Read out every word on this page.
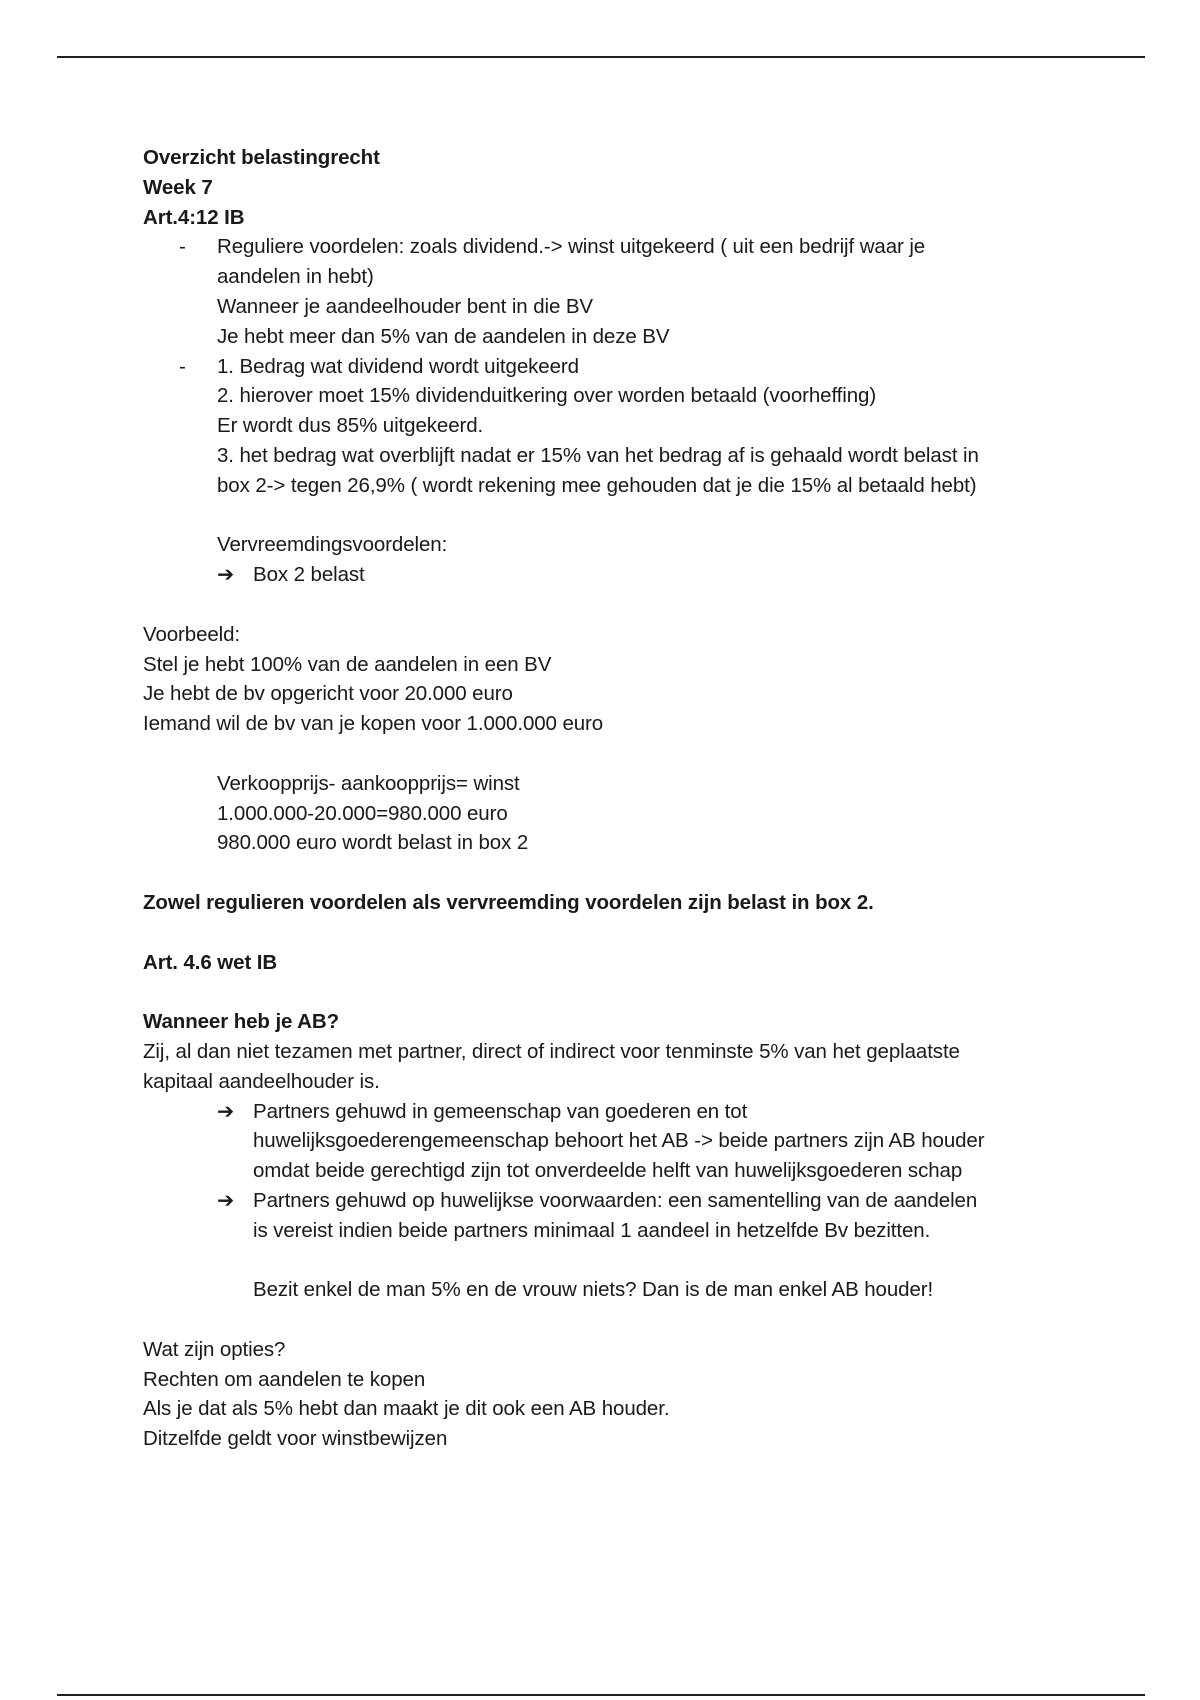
Overzicht belastingrecht
Week 7
Art.4:12 IB
- Reguliere voordelen: zoals dividend.-> winst uitgekeerd ( uit een bedrijf waar je
aandelen in hebt)
Wanneer je aandeelhouder bent in die BV
Je hebt meer dan 5% van de aandelen in deze BV
- 1. Bedrag wat dividend wordt uitgekeerd
2. hierover moet 15% dividenduitkering over worden betaald (voorheffing)
Er wordt dus 85% uitgekeerd.
3. het bedrag wat overblijft nadat er 15% van het bedrag af is gehaald wordt belast in
box 2-> tegen 26,9% ( wordt rekening mee gehouden dat je die 15% al betaald hebt)
Vervreemdingsvoordelen:
➔ Box 2 belast
Voorbeeld:
Stel je hebt 100% van de aandelen in een BV
Je hebt de bv opgericht voor 20.000 euro
Iemand wil de bv van je kopen voor 1.000.000 euro
Verkoopprijs- aankoopprijs= winst
1.000.000-20.000=980.000 euro
980.000 euro wordt belast in box 2
Zowel regulieren voordelen als vervreemding voordelen zijn belast in box 2.
Art. 4.6 wet IB
Wanneer heb je AB?
Zij, al dan niet tezamen met partner, direct of indirect voor tenminste 5% van het geplaatste
kapitaal aandeelhouder is.
➔ Partners gehuwd in gemeenschap van goederen en tot
huwelijksgoederengemeenschap behoort het AB -> beide partners zijn AB houder
omdat beide gerechtigd zijn tot onverdeelde helft van huwelijksgoederen schap
➔ Partners gehuwd op huwelijkse voorwaarden: een samentelling van de aandelen
is vereist indien beide partners minimaal 1 aandeel in hetzelfde Bv bezitten.
Bezit enkel de man 5% en de vrouw niets? Dan is de man enkel AB houder!
Wat zijn opties?
Rechten om aandelen te kopen
Als je dat als 5% hebt dan maakt je dit ook een AB houder.
Ditzelfde geldt voor winstbewijzen
